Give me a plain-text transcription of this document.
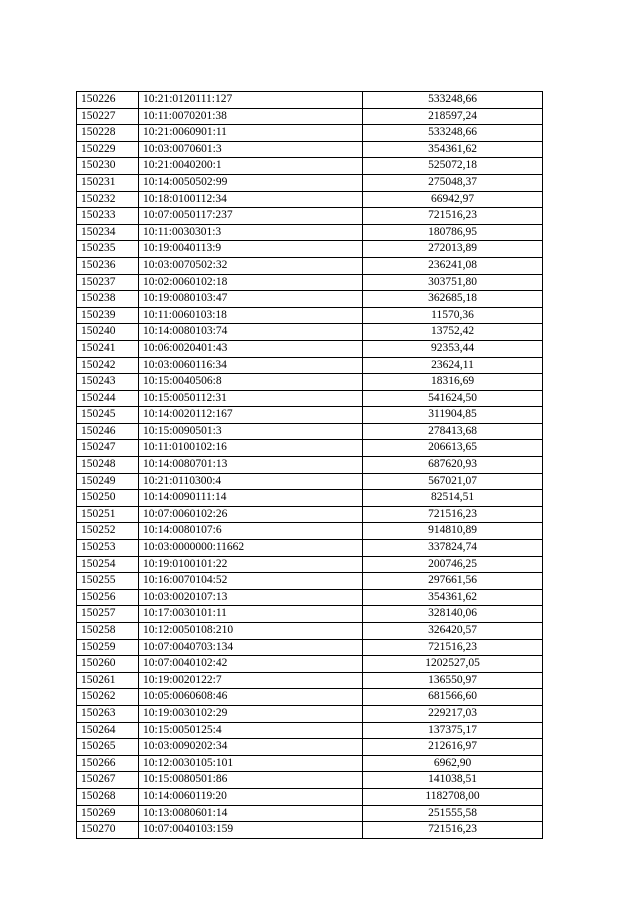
150226	10:21:0120111:127	533248,66
150227	10:11:0070201:38	218597,24
150228	10:21:0060901:11	533248,66
150229	10:03:0070601:3	354361,62
150230	10:21:0040200:1	525072,18
150231	10:14:0050502:99	275048,37
150232	10:18:0100112:34	66942,97
150233	10:07:0050117:237	721516,23
150234	10:11:0030301:3	180786,95
150235	10:19:0040113:9	272013,89
150236	10:03:0070502:32	236241,08
150237	10:02:0060102:18	303751,80
150238	10:19:0080103:47	362685,18
150239	10:11:0060103:18	11570,36
150240	10:14:0080103:74	13752,42
150241	10:06:0020401:43	92353,44
150242	10:03:0060116:34	23624,11
150243	10:15:0040506:8	18316,69
150244	10:15:0050112:31	541624,50
150245	10:14:0020112:167	311904,85
150246	10:15:0090501:3	278413,68
150247	10:11:0100102:16	206613,65
150248	10:14:0080701:13	687620,93
150249	10:21:0110300:4	567021,07
150250	10:14:0090111:14	82514,51
150251	10:07:0060102:26	721516,23
150252	10:14:0080107:6	914810,89
150253	10:03:0000000:11662	337824,74
150254	10:19:0100101:22	200746,25
150255	10:16:0070104:52	297661,56
150256	10:03:0020107:13	354361,62
150257	10:17:0030101:11	328140,06
150258	10:12:0050108:210	326420,57
150259	10:07:0040703:134	721516,23
150260	10:07:0040102:42	1202527,05
150261	10:19:0020122:7	136550,97
150262	10:05:0060608:46	681566,60
150263	10:19:0030102:29	229217,03
150264	10:15:0050125:4	137375,17
150265	10:03:0090202:34	212616,97
150266	10:12:0030105:101	6962,90
150267	10:15:0080501:86	141038,51
150268	10:14:0060119:20	1182708,00
150269	10:13:0080601:14	251555,58
150270	10:07:0040103:159	721516,23
